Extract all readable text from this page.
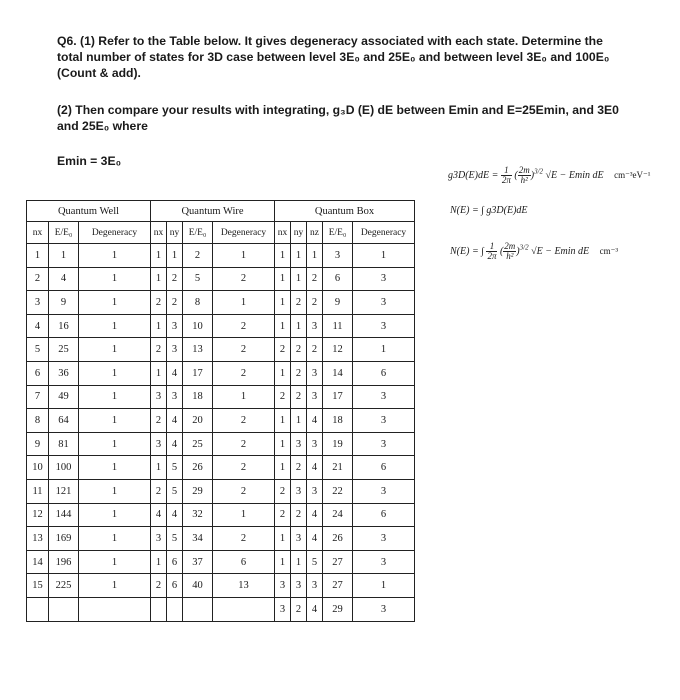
Q6. (1) Refer to the Table below. It gives degeneracy associated with each state. Determine the total number of states for 3D case between level 3E₀ and 25E₀ and between level 3E₀ and 100E₀ (Count & add).
(2) Then compare your results with integrating, g₃D (E) dE between Emin and E=25Emin, and 3E0 and 25E₀ where
Emin = 3E₀
$g3D(E)dE = \frac{1}{2\pi}$ ( $\frac{2m}{\text{h²}} )^{3/2}$ √E − Emin dE cm⁻³eV⁻¹
N(E) = ∫ g3D(E)dE
N(E) = ∫ $\frac{1}{2\pi}$ ( $\frac{2m}{\text{h²}} )^{3/2}$ √E − Emin dE cm⁻³
Quantum Well			Quantum Wire				Quantum Box				
nx	E/E₀	Degeneracy	nx	ny	E/E₀	Degeneracy	nx	ny	nz	E/E₀	Degeneracy
1	1	1	1	1	2	1	1	1	1	3	1
2	4	1	1	2	5	2	1	1	2	6	3
3	9	1	2	2	8	1	1	2	2	9	3
4	16	1	1	3	10	2	1	1	3	11	3
5	25	1	2	3	13	2	2	2	2	12	1
6	36	1	1	4	17	2	1	2	3	14	6
7	49	1	3	3	18	1	2	2	3	17	3
8	64	1	2	4	20	2	1	1	4	18	3
9	81	1	3	4	25	2	1	3	3	19	3
10	100	1	1	5	26	2	1	2	4	21	6
11	121	1	2	5	29	2	2	3	3	22	3
12	144	1	4	4	32	1	2	2	4	24	6
13	169	1	3	5	34	2	1	3	4	26	3
14	196	1	1	6	37	6	1	1	5	27	3
15	225	1	2	6	40	13	3	3	3	27	1
							3	2	4	29	3
